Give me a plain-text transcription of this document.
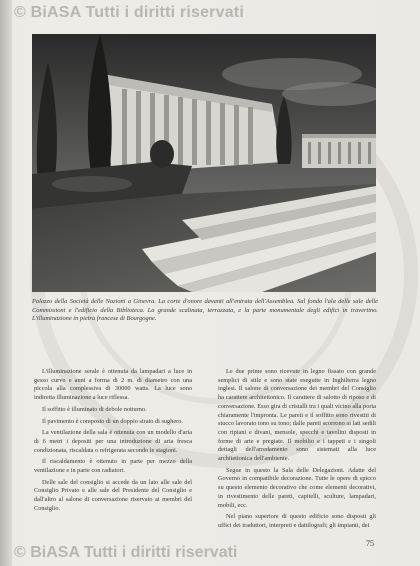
© BiASA Tutti i diritti riservati
Palazzo della Società delle Nazioni a Ginevra. La corte d'onore davanti all'entrata dell'Assemblea. Sul fondo l'ala delle sale delle Commissioni e l'edificio della Biblioteca. La grande scalinata, terrazzata, e la parte monumentale degli edifici in travertino. L'illuminazione in pietra francese di Bourgogne.

L'illuminazione serale è ottenuta da lampadari a luce in gesso curvo e anni a forma di 2 m. di diametro con una piccola alla complessiva di 30000 watts. La luce sono indiretta illuminazione a luce riflessa.

Il soffitto è illuminato di debole notturno.

Il pavimento è composto di un doppio strato di sughero.

La ventilazione della sala è ottenuta con un modello d'aria di 6 metri i depositi per una introduzione di aria fresca condizionata, riscaldata o refrigerata secondo le stagioni.

Il riscaldamento è ottenuto in parte per mezzo della ventilazione e in parte con radiatori.

Delle sale del consiglio si accede da un lato alle sale del Consiglio Privato e alle sale del Presidente del Consiglio e dall'altro al salone di conversazione riservato ai membri del Consiglio.

Le due prime sono ricevute in legno fissato con grande semplici di stile e sono state eseguite in Inghilterra legno inglesi. Il salone di conversazione dei membri del Consiglio ha carattere architettonico. Il carattere di salotto di riposo e di conversazione. Esso gira di cristalli tra i quali vicino alla porta chiaramente l'impronta. Le pareti e il soffitto sono rivestiti di stucco lavorato tono su tono; dalle pareti scorrono ai lati sedili con ripiani e divani, mensole, specchi e tavolini disposti in forme di arte e pregiate. Il mobilio e i tappeti e i singoli dettagli dell'arredamento sono sistemati alla luce architettonica dell'ambiente.

Segue in questo la Sala delle Delegazioni. Adatte del Governo in compatibile decorazione. Tutte le opere di spicco su questo elemento decorativo che come elementi decorativi, in rivestimento delle pareti, capitelli, sculture, lampadari, mobili, ecc.

Nel piano superiore di questo edificio sono disposti gli uffici dei traduttori, interpreti e dattilografi; gli impianti, dei

75
© BiASA Tutti i diritti riservati
